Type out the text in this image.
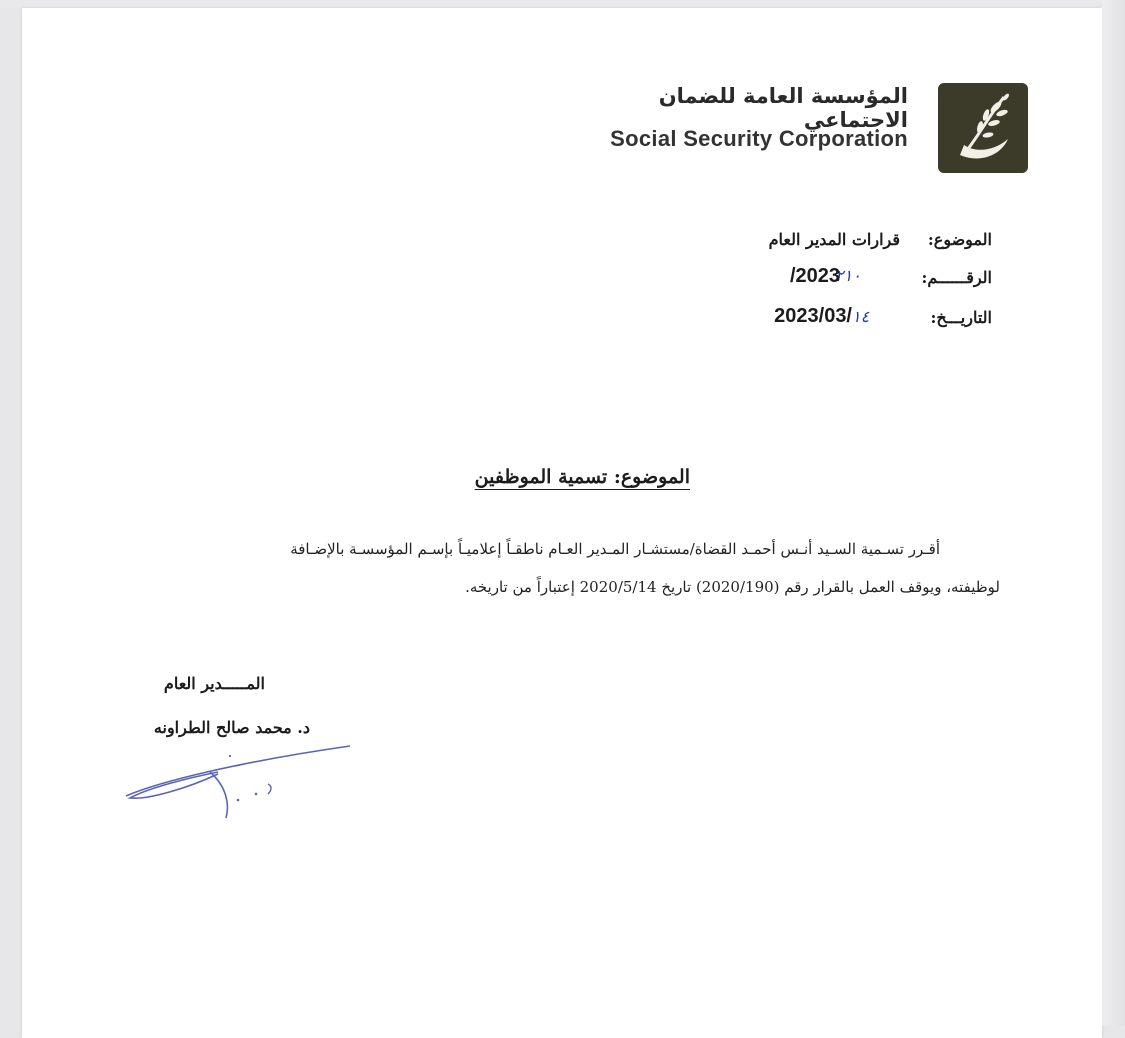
المؤسسة العامة للضمان الاجتماعي
Social Security Corporation
الموضوع:
قرارات المدير العام
الرقــــــم:
٢١٠
/2023
التاريـــخ:
١٤
2023/03/
الموضوع: تسمية الموظفين
أقـرر تسـمية السـيد أنـس أحمـد القضاة/مستشـار المـدير العـام ناطقـاً إعلاميـاً بإسـم المؤسسـة بالإضـافة
لوظيفته، ويوقف العمل بالقرار رقم (2020/190) تاريخ 2020/5/14 إعتباراً من تاريخه.
المـــــدير العام
د. محمد صالح الطراونه
